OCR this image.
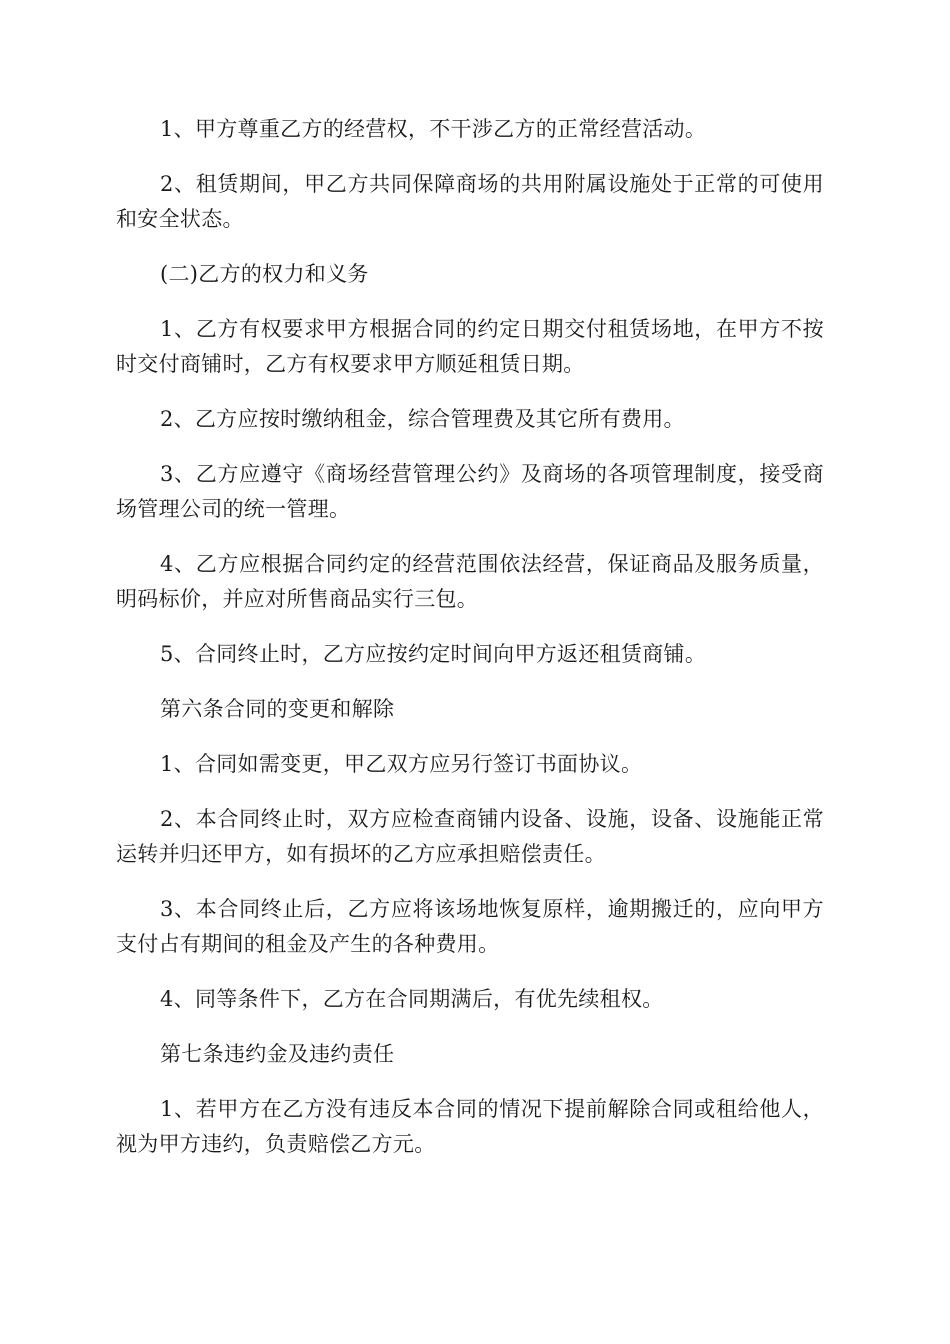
1、甲方尊重乙方的经营权，不干涉乙方的正常经营活动。

2、租赁期间，甲乙方共同保障商场的共用附属设施处于正常的可使用和安全状态。

(二)乙方的权力和义务

1、乙方有权要求甲方根据合同的约定日期交付租赁场地，在甲方不按时交付商铺时，乙方有权要求甲方顺延租赁日期。

2、乙方应按时缴纳租金，综合管理费及其它所有费用。

3、乙方应遵守《商场经营管理公约》及商场的各项管理制度，接受商场管理公司的统一管理。

4、乙方应根据合同约定的经营范围依法经营，保证商品及服务质量，明码标价，并应对所售商品实行三包。

5、合同终止时，乙方应按约定时间向甲方返还租赁商铺。

第六条合同的变更和解除

1、合同如需变更，甲乙双方应另行签订书面协议。

2、本合同终止时，双方应检查商铺内设备、设施，设备、设施能正常运转并归还甲方，如有损坏的乙方应承担赔偿责任。

3、本合同终止后，乙方应将该场地恢复原样，逾期搬迁的，应向甲方支付占有期间的租金及产生的各种费用。

4、同等条件下，乙方在合同期满后，有优先续租权。

第七条违约金及违约责任

1、若甲方在乙方没有违反本合同的情况下提前解除合同或租给他人，视为甲方违约，负责赔偿乙方元。
